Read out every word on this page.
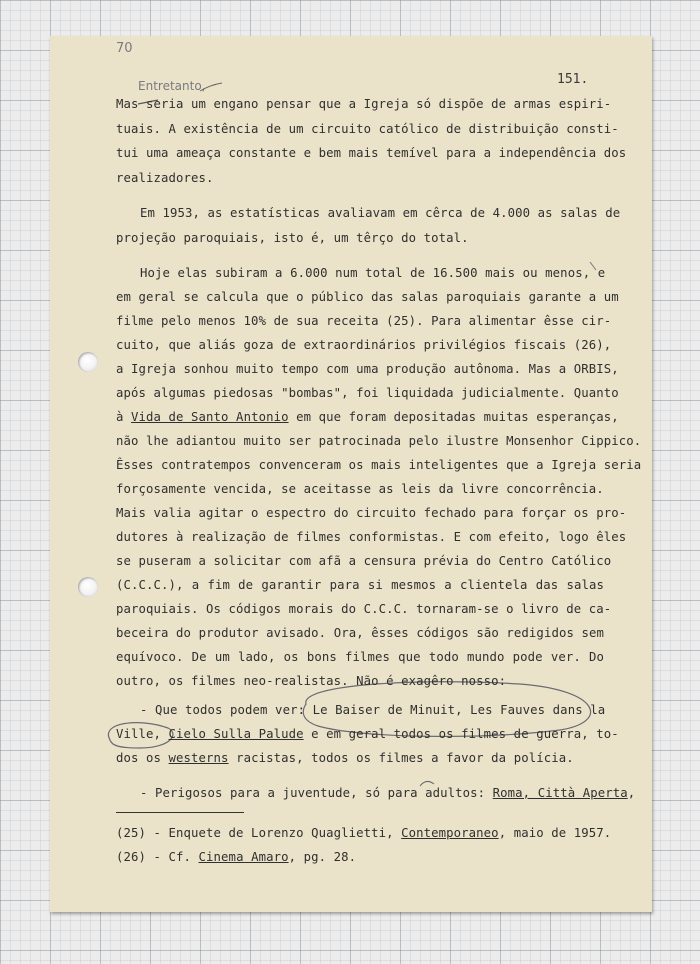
70
151.
Entretanto,
Mas seria um engano pensar que a Igreja só dispõe de armas espiri-
tuais. A existência de um circuito católico de distribuição consti-
tui uma ameaça constante e bem mais temível para a independência dos
realizadores.
Em 1953, as estatísticas avaliavam em cêrca de 4.000 as salas de
projeção paroquiais, isto é, um têrço do total.
Hoje elas subiram a 6.000 num total de 16.500 mais ou menos, e
em geral se calcula que o público das salas paroquiais garante a um
filme pelo menos 10% de sua receita (25). Para alimentar êsse cir-
cuito, que aliás goza de extraordinários privilégios fiscais (26),
a Igreja sonhou muito tempo com uma produção autônoma. Mas a ORBIS,
após algumas piedosas "bombas", foi liquidada judicialmente. Quanto
à Vida de Santo Antonio em que foram depositadas muitas esperanças,
não lhe adiantou muito ser patrocinada pelo ilustre Monsenhor Cippico.
Êsses contratempos convenceram os mais inteligentes que a Igreja seria
forçosamente vencida, se aceitasse as leis da livre concorrência.
Mais valia agitar o espectro do circuito fechado para forçar os pro-
dutores à realização de filmes conformistas. E com efeito, logo êles
se puseram a solicitar com afã a censura prévia do Centro Católico
(C.C.C.), a fim de garantir para si mesmos a clientela das salas
paroquiais. Os códigos morais do C.C.C. tornaram-se o livro de ca-
beceira do produtor avisado. Ora, êsses códigos são redigidos sem
equívoco. De um lado, os bons filmes que todo mundo pode ver. Do
outro, os filmes neo-realistas. Não é exagêro nosso:
- Que todos podem ver: Le Baiser de Minuit, Les Fauves dans la
Ville, Cielo Sulla Palude e em geral todos os filmes de guerra, to-
dos os westerns racistas, todos os filmes a favor da polícia.
- Perigosos para a juventude, só para adultos: Roma, Città Aperta,
(25) - Enquete de Lorenzo Quaglietti, Contemporaneo, maio de 1957.
(26) - Cf. Cinema Amaro, pg. 28.
